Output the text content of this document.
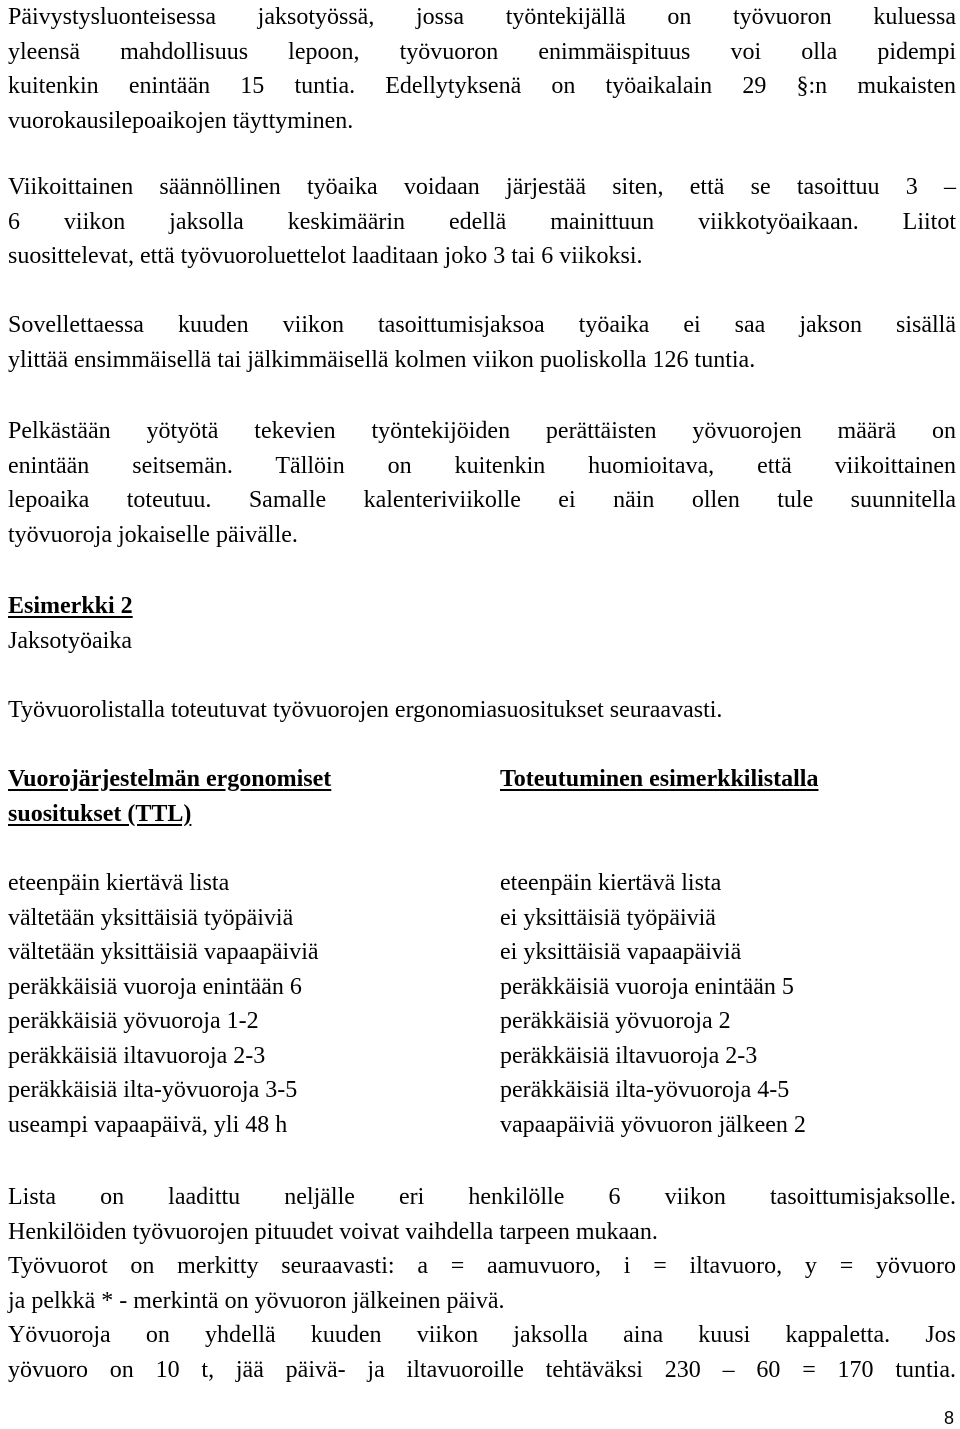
Päivystysluonteisessa jaksotyössä, jossa työntekijällä on työvuoron kuluessa
yleensä mahdollisuus lepoon, työvuoron enimmäispituus voi olla pidempi
kuitenkin enintään 15 tuntia. Edellytyksenä on työaikalain 29 §:n mukaisten
vuorokausilepoaikojen täyttyminen.
Viikoittainen säännöllinen työaika voidaan järjestää siten, että se tasoittuu 3 –
6 viikon jaksolla keskimäärin edellä mainittuun viikkotyöaikaan. Liitot
suosittelevat, että työvuoroluettelot laaditaan joko 3 tai 6 viikoksi.
Sovellettaessa kuuden viikon tasoittumisjaksoa työaika ei saa jakson sisällä
ylittää ensimmäisellä tai jälkimmäisellä kolmen viikon puoliskolla 126 tuntia.
Pelkästään yötyötä tekevien työntekijöiden perättäisten yövuorojen määrä on
enintään seitsemän. Tällöin on kuitenkin huomioitava, että viikoittainen
lepoaika toteutuu. Samalle kalenteriviikolle ei näin ollen tule suunnitella
työvuoroja jokaiselle päivälle.
Esimerkki 2
Jaksotyöaika
Työvuorolistalla toteutuvat työvuorojen ergonomiasuositukset seuraavasti.
Vuorojärjestelmän ergonomiset
suositukset (TTL)
Toteutuminen esimerkkilistalla
eteenpäin kiertävä lista
vältetään yksittäisiä työpäiviä
vältetään yksittäisiä vapaapäiviä
peräkkäisiä vuoroja enintään 6
peräkkäisiä yövuoroja 1-2
peräkkäisiä iltavuoroja 2-3
peräkkäisiä ilta-yövuoroja 3-5
useampi vapaapäivä, yli 48 h
eteenpäin kiertävä lista
ei yksittäisiä työpäiviä
ei yksittäisiä vapaapäiviä
peräkkäisiä vuoroja enintään 5
peräkkäisiä yövuoroja 2
peräkkäisiä iltavuoroja 2-3
peräkkäisiä ilta-yövuoroja 4-5
vapaapäiviä yövuoron jälkeen 2
Lista on laadittu neljälle eri henkilölle 6 viikon tasoittumisjaksolle.
Henkilöiden työvuorojen pituudet voivat vaihdella tarpeen mukaan.
Työvuorot on merkitty seuraavasti: a = aamuvuoro, i = iltavuoro, y = yövuoro
ja pelkkä * - merkintä on yövuoron jälkeinen päivä.
Yövuoroja on yhdellä kuuden viikon jaksolla aina kuusi kappaletta. Jos
yövuoro on 10 t, jää päivä- ja iltavuoroille tehtäväksi 230 – 60 = 170 tuntia.
8
